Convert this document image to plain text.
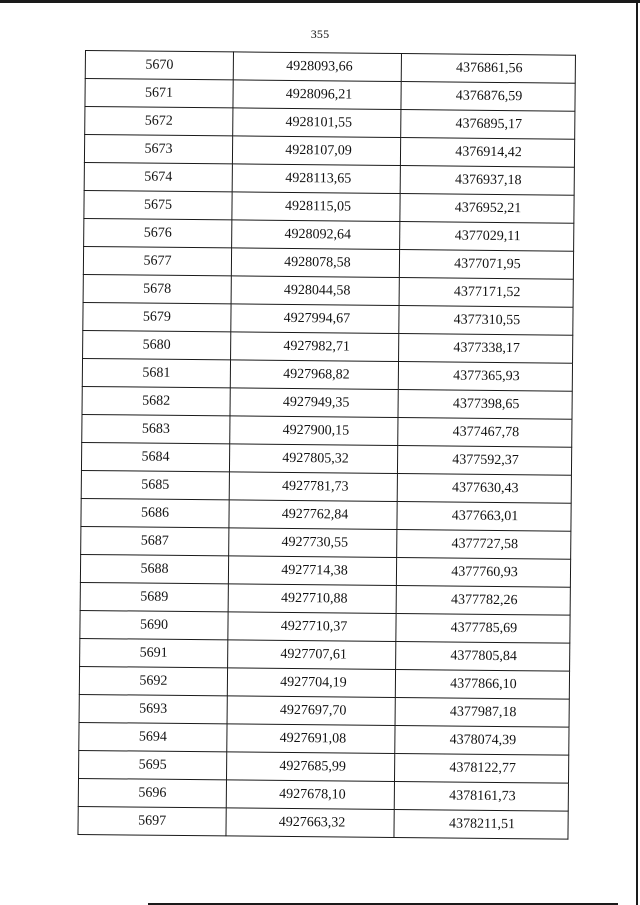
355
5670	4928093,66	4376861,56
5671	4928096,21	4376876,59
5672	4928101,55	4376895,17
5673	4928107,09	4376914,42
5674	4928113,65	4376937,18
5675	4928115,05	4376952,21
5676	4928092,64	4377029,11
5677	4928078,58	4377071,95
5678	4928044,58	4377171,52
5679	4927994,67	4377310,55
5680	4927982,71	4377338,17
5681	4927968,82	4377365,93
5682	4927949,35	4377398,65
5683	4927900,15	4377467,78
5684	4927805,32	4377592,37
5685	4927781,73	4377630,43
5686	4927762,84	4377663,01
5687	4927730,55	4377727,58
5688	4927714,38	4377760,93
5689	4927710,88	4377782,26
5690	4927710,37	4377785,69
5691	4927707,61	4377805,84
5692	4927704,19	4377866,10
5693	4927697,70	4377987,18
5694	4927691,08	4378074,39
5695	4927685,99	4378122,77
5696	4927678,10	4378161,73
5697	4927663,32	4378211,51
